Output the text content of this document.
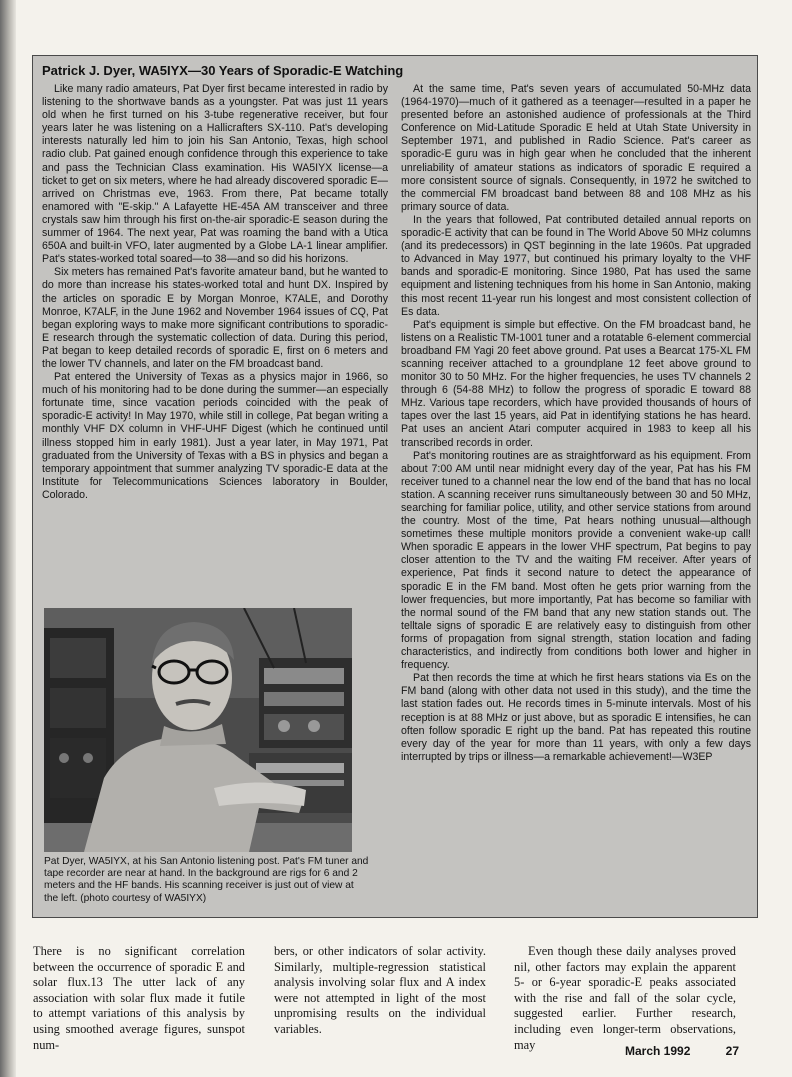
Patrick J. Dyer, WA5IYX—30 Years of Sporadic-E Watching

Like many radio amateurs, Pat Dyer first became interested in radio by listening to the shortwave bands as a youngster. Pat was just 11 years old when he first turned on his 3-tube regenerative receiver, but four years later he was listening on a Hallicrafters SX-110. Pat's developing interests naturally led him to join his San Antonio, Texas, high school radio club. Pat gained enough confidence through this experience to take and pass the Technician Class examination. His WA5IYX license—a ticket to get on six meters, where he had already discovered sporadic E—arrived on Christmas eve, 1963. From there, Pat became totally enamored with "E-skip." A Lafayette HE-45A AM transceiver and three crystals saw him through his first on-the-air sporadic-E season during the summer of 1964. The next year, Pat was roaming the band with a Utica 650A and built-in VFO, later augmented by a Globe LA-1 linear amplifier. Pat's states-worked total soared—to 38—and so did his horizons.

Six meters has remained Pat's favorite amateur band, but he wanted to do more than increase his states-worked total and hunt DX. Inspired by the articles on sporadic E by Morgan Monroe, K7ALE, and Dorothy Monroe, K7ALF, in the June 1962 and November 1964 issues of CQ, Pat began exploring ways to make more significant contributions to sporadic-E research through the systematic collection of data. During this period, Pat began to keep detailed records of sporadic E, first on 6 meters and the lower TV channels, and later on the FM broadcast band.

Pat entered the University of Texas as a physics major in 1966, so much of his monitoring had to be done during the summer—an especially fortunate time, since vacation periods coincided with the peak of sporadic-E activity! In May 1970, while still in college, Pat began writing a monthly VHF DX column in VHF-UHF Digest (which he continued until illness stopped him in early 1981). Just a year later, in May 1971, Pat graduated from the University of Texas with a BS in physics and began a temporary appointment that summer analyzing TV sporadic-E data at the Institute for Telecommunications Sciences laboratory in Boulder, Colorado.

At the same time, Pat's seven years of accumulated 50-MHz data (1964-1970)—much of it gathered as a teenager—resulted in a paper he presented before an astonished audience of professionals at the Third Conference on Mid-Latitude Sporadic E held at Utah State University in September 1971, and published in Radio Science. Pat's career as sporadic-E guru was in high gear when he concluded that the inherent unreliability of amateur stations as indicators of sporadic E required a more consistent source of signals. Consequently, in 1972 he switched to the commercial FM broadcast band between 88 and 108 MHz as his primary source of data.

In the years that followed, Pat contributed detailed annual reports on sporadic-E activity that can be found in The World Above 50 MHz columns (and its predecessors) in QST beginning in the late 1960s. Pat upgraded to Advanced in May 1977, but continued his primary loyalty to the VHF bands and sporadic-E monitoring. Since 1980, Pat has used the same equipment and listening techniques from his home in San Antonio, making this most recent 11-year run his longest and most consistent collection of Es data.

Pat's equipment is simple but effective. On the FM broadcast band, he listens on a Realistic TM-1001 tuner and a rotatable 6-element commercial broadband FM Yagi 20 feet above ground. Pat uses a Bearcat 175-XL FM scanning receiver attached to a groundplane 12 feet above ground to monitor 30 to 50 MHz. For the higher frequencies, he uses TV channels 2 through 6 (54-88 MHz) to follow the progress of sporadic E toward 88 MHz. Various tape recorders, which have provided thousands of hours of tapes over the last 15 years, aid Pat in identifying stations he has heard. Pat uses an ancient Atari computer acquired in 1983 to keep all his transcribed records in order.

Pat's monitoring routines are as straightforward as his equipment. From about 7:00 AM until near midnight every day of the year, Pat has his FM receiver tuned to a channel near the low end of the band that has no local station. A scanning receiver runs simultaneously between 30 and 50 MHz, searching for familiar police, utility, and other service stations from around the country. Most of the time, Pat hears nothing unusual—although sometimes these multiple monitors provide a convenient wake-up call! When sporadic E appears in the lower VHF spectrum, Pat begins to pay closer attention to the TV and the waiting FM receiver. After years of experience, Pat finds it second nature to detect the appearance of sporadic E in the FM band. Most often he gets prior warning from the lower frequencies, but more importantly, Pat has become so familiar with the normal sound of the FM band that any new station stands out. The telltale signs of sporadic E are relatively easy to distinguish from other forms of propagation from signal strength, station location and fading characteristics, and indirectly from conditions both lower and higher in frequency.

Pat then records the time at which he first hears stations via Es on the FM band (along with other data not used in this study), and the time the last station fades out. He records times in 5-minute intervals. Most of his reception is at 88 MHz or just above, but as sporadic E intensifies, he can often follow sporadic E right up the band. Pat has repeated this routine every day of the year for more than 11 years, with only a few days interrupted by trips or illness—a remarkable achievement!—W3EP

Pat Dyer, WA5IYX, at his San Antonio listening post. Pat's FM tuner and tape recorder are near at hand. In the background are rigs for 6 and 2 meters and the HF bands. His scanning receiver is just out of view at the left. (photo courtesy of WA5IYX)

There is no significant correlation between the occurrence of sporadic E and solar flux.13 The utter lack of any association with solar flux made it futile to attempt variations of this analysis by using smoothed average figures, sunspot num-

bers, or other indicators of solar activity. Similarly, multiple-regression statistical analysis involving solar flux and A index were not attempted in light of the most unpromising results on the individual variables.

Even though these daily analyses proved nil, other factors may explain the apparent 5- or 6-year sporadic-E peaks associated with the rise and fall of the solar cycle, suggested earlier. Further research, including even longer-term observations, may	March 1992	27
